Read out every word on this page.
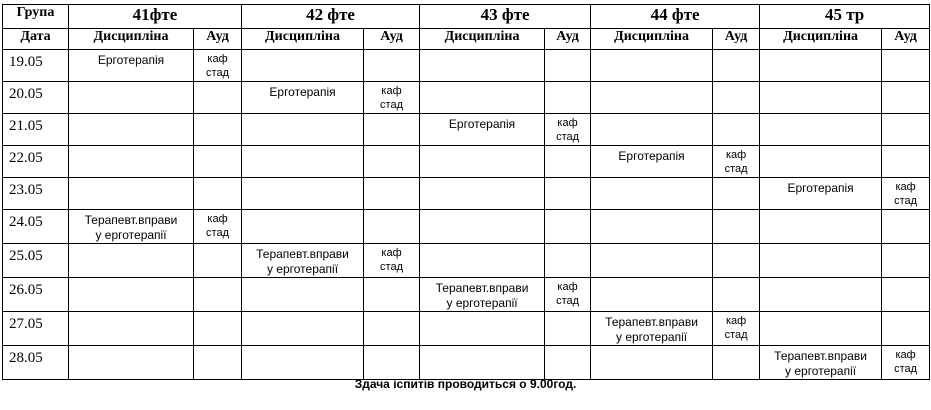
Група	41фте		42 фте		43 фте		44 фте		45 тр	
Дата	Дисципліна	Ауд	Дисципліна	Ауд	Дисципліна	Ауд	Дисципліна	Ауд	Дисципліна	Ауд

19.05	Ерготерапія	каф
стад								

20.05			Ерготерапія	каф
стад						

21.05					Ерготерапія	каф
стад				

22.05							Ерготерапія	каф
стад		

23.05									Ерготерапія	каф
стад

24.05	Терапевт.вправи
у ерготерапії	каф
стад								

25.05			Терапевт.вправи
у ерготерапії	каф
стад						

26.05					Терапевт.вправи
у ерготерапії	каф
стад				

27.05							Терапевт.вправи
у ерготерапії	каф
стад		

28.05									Терапевт.вправи
у ерготерапії	каф
стад
Здача іспитів проводиться о 9.00год.
